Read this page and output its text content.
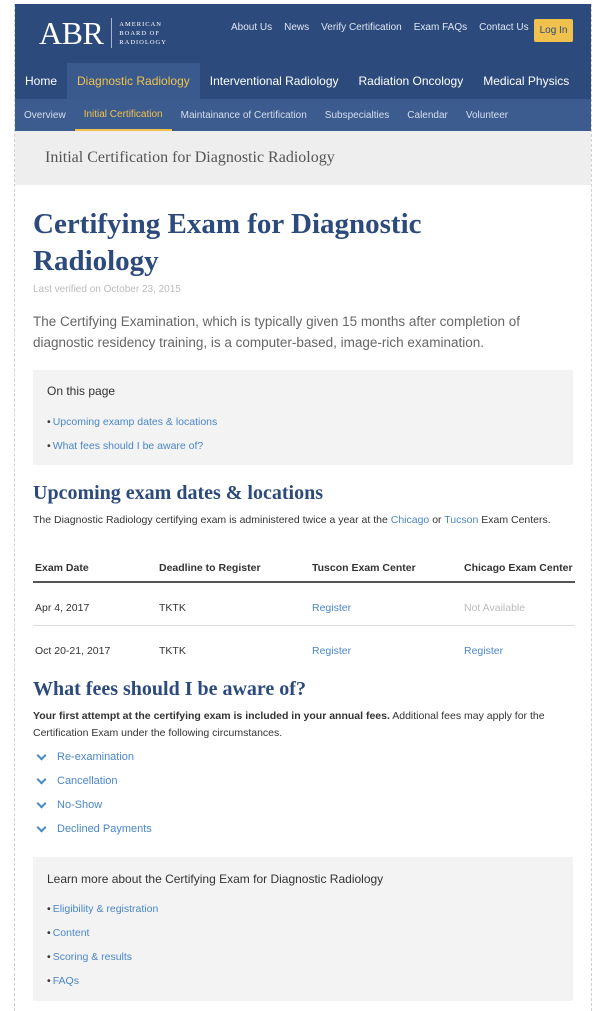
ABR AMERICAN
BOARD OF
RADIOLOGY
About Us News Verify Certification Exam FAQs Contact Us	Log In
Home	Diagnostic Radiology	Interventional Radiology	Radiation Oncology	Medical Physics
Overview	Initial Certification	Maintainance of Certification	Subspecialties	Calendar	Volunteer
Initial Certification for Diagnostic Radiology
Certifying Exam for Diagnostic Radiology
Last verified on October 23, 2015

The Certifying Examination, which is typically given 15 months after completion of diagnostic residency training, is a computer-based, image-rich examination.

On this page
• Upcoming examp dates & locations
• What fees should I be aware of?
Upcoming exam dates & locations

The Diagnostic Radiology certifying exam is administered twice a year at the Chicago or Tucson Exam Centers.

Exam Date	Deadline to Register	Tuscon Exam Center	Chicago Exam Center
Apr 4, 2017	TKTK	Register	Not Available
Oct 20-21, 2017	TKTK	Register	Register
What fees should I be aware of?

Your first attempt at the certifying exam is included in your annual fees. Additional fees may apply for the Certification Exam under the following circumstances.

Re-examination
Cancellation
No-Show
Declined Payments
Learn more about the Certifying Exam for Diagnostic Radiology
• Eligibility & registration
• Content
• Scoring & results
• FAQs
